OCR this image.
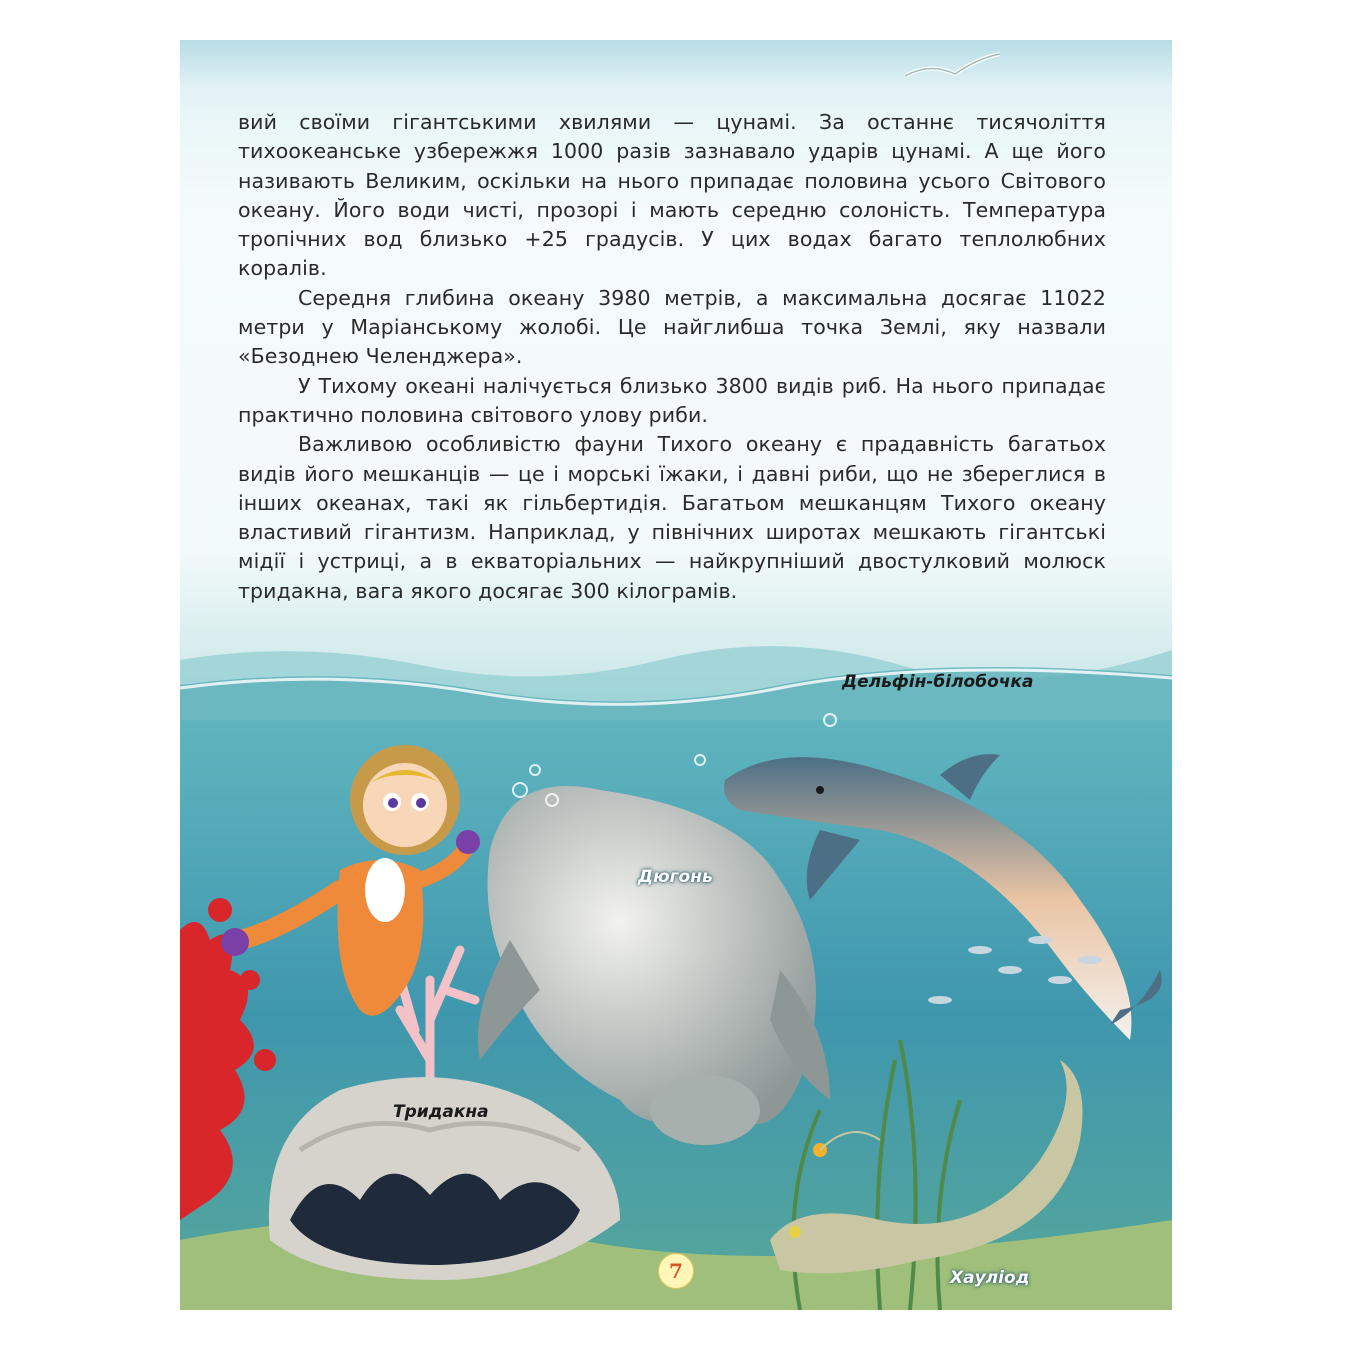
вий своїми гігантськими хвилями — цунамі. За останнє тисячоліття тихоокеанське узбережжя 1000 разів зазнавало ударів цунамі. А ще його називають Великим, оскільки на нього припадає половина усього Світового океану. Його води чисті, прозорі і мають середню солоність. Температура тропічних вод близько +25 градусів. У цих водах багато теплолюбних коралів.

Середня глибина океану 3980 метрів, а максимальна досягає 11022 метри у Маріанському жолобі. Це найглибша точка Землі, яку назвали «Безоднею Челенджера».

У Тихому океані налічується близько 3800 видів риб. На нього припадає практично половина світового улову риби.

Важливою особливістю фауни Тихого океану є прадавність багатьох видів його мешканців — це і морські їжаки, і давні риби, що не збереглися в інших океанах, такі як гільбертидія. Багатьом мешканцям Тихого океану властивий гігантизм. Наприклад, у північних широтах мешкають гігантські мідії і устриці, а в екваторіальних — найкрупніший двостулковий молюск тридакна, вага якого досягає 300 кілограмів.

Дельфін-білобочка
Дюгонь
Тридакна
Хауліод
7
